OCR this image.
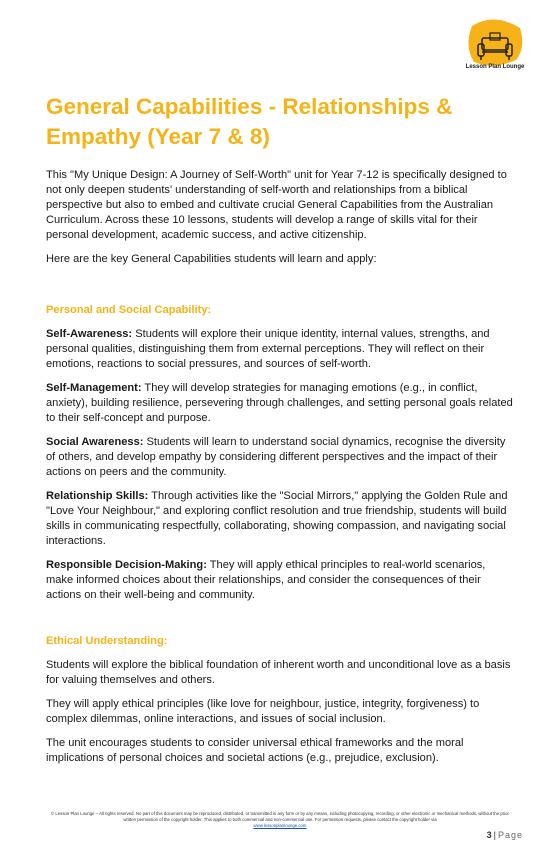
Lesson Plan Lounge
General Capabilities - Relationships & Empathy (Year 7 & 8)

This "My Unique Design: A Journey of Self-Worth" unit for Year 7-12 is specifically designed to not only deepen students' understanding of self-worth and relationships from a biblical perspective but also to embed and cultivate crucial General Capabilities from the Australian Curriculum. Across these 10 lessons, students will develop a range of skills vital for their personal development, academic success, and active citizenship.

Here are the key General Capabilities students will learn and apply:

Personal and Social Capability:

Self-Awareness: Students will explore their unique identity, internal values, strengths, and personal qualities, distinguishing them from external perceptions. They will reflect on their emotions, reactions to social pressures, and sources of self-worth.

Self-Management: They will develop strategies for managing emotions (e.g., in conflict, anxiety), building resilience, persevering through challenges, and setting personal goals related to their self-concept and purpose.

Social Awareness: Students will learn to understand social dynamics, recognise the diversity of others, and develop empathy by considering different perspectives and the impact of their actions on peers and the community.

Relationship Skills: Through activities like the "Social Mirrors," applying the Golden Rule and "Love Your Neighbour," and exploring conflict resolution and true friendship, students will build skills in communicating respectfully, collaborating, showing compassion, and navigating social interactions.

Responsible Decision-Making: They will apply ethical principles to real-world scenarios, make informed choices about their relationships, and consider the consequences of their actions on their well-being and community.

Ethical Understanding:

Students will explore the biblical foundation of inherent worth and unconditional love as a basis for valuing themselves and others.

They will apply ethical principles (like love for neighbour, justice, integrity, forgiveness) to complex dilemmas, online interactions, and issues of social inclusion.

The unit encourages students to consider universal ethical frameworks and the moral implications of personal choices and societal actions (e.g., prejudice, exclusion).

© Lesson Plan Lounge – All rights reserved. No part of this document may be reproduced, distributed, or transmitted in any form or by any means, including photocopying, recording, or other electronic or mechanical methods, without the prior written permission of the copyright holder. This applies to both commercial and non-commercial use. For permission requests, please contact the copyright holder via
www.lessonplanlounge.com
3 | Page
